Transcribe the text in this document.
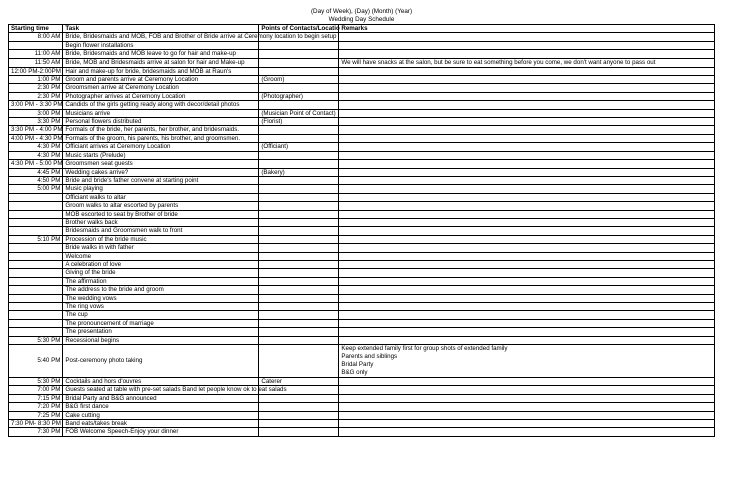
(Day of Week), (Day) (Month) (Year)
Wedding Day Schedule
Starting time	Task	Points of Contacts/Locatio	Remarks
8:00 AM	Bride, Bridesmaids and MOB, FOB and Brother of Bride arrive at Ceremony location to begin setup		
	Begin flower installations		
11:00 AM	Bride, Bridesmaids and MOB leave to go for hair and make-up		
11:50 AM	Bride, MOB and Bridesmaids arrive at salon for hair and Make-up		We will have snacks at the salon, but be sure to eat something before you come, we don't want anyone to pass out

12:00 PM-2:00PM	Hair and make-up for bride, bridesmaids and MOB at Raun's		
1:00 PM	Groom and parents arrive at Ceremony Location	(Groom)	
2:30 PM	Groomsmen arrive at Ceremony Location		
2:30 PM	Photographer arrives at Ceremony Location	(Photographer)	
3:00 PM - 3:30 PM	Candids of the girls getting ready along with decor/detail photos		
3:00 PM	Musicians arrive	(Musician Point of Contact)	
3:30 PM	Personal flowers distributed	(Florist)	
3:30 PM - 4:00 PM	Formals of the bride, her parents, her brother, and bridesmaids.		
4:00 PM - 4:30 PM	Formals of the groom, his parents, his brother, and groomsmen.		
4:30 PM	Officiant arrives at Ceremony Location	(Officiant)	
4:30 PM	Music starts (Prelude)		
4:30 PM - 5:00 PM	Groomsmen seat guests		
4:45 PM	Wedding cakes arrive?	(Bakery)	
4:50 PM	Bride and bride's father convene at starting point		
5:00 PM	Music playing		
	Officiant walks to altar		
	Groom walks to altar escorted by parents		
	MOB escorted to seat by Brother of bride		
	Brother walks back		
	Bridesmaids and Groomsmen walk to front		
5:10 PM	Procession of the bride music		
	Bride walks in with father		
	Welcome		
	A celebration of love		
	Giving of the bride		
	The affirmation		
	The address to the bride and groom		
	The wedding vows		
	The ring vows		
	The cup		
	The pronouncement of marriage		
	The presentation		
5:30 PM	Recessional begins		
5:40 PM	Post-ceremony photo taking		Keep extended family first for group shots of extended family
Parents and siblings
Bridal Party
B&G only

5:30 PM	Cocktails and hors d'ouvres	Caterer	
7:00 PM	Guests seated at table with pre-set salads Band let people know ok to eat salads		
7:15 PM	Bridal Party and B&G announced		
7:20 PM	B&G first dance		
7:25 PM	Cake cutting		
7:30 PM- 8:30 PM	Band eats/takes break		
7:30 PM	FOB Welcome Speech-Enjoy your dinner		
